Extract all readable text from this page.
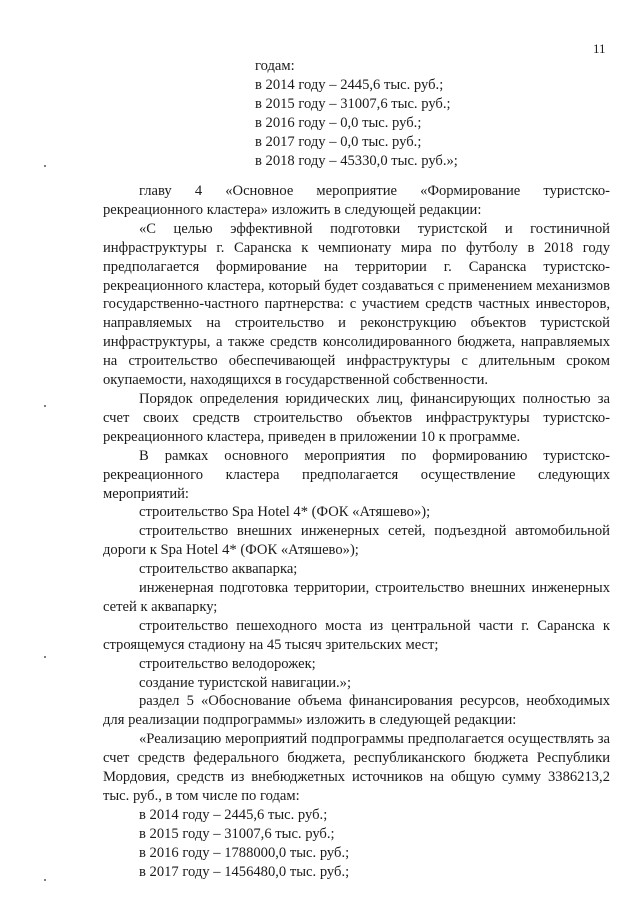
11
годам:
в 2014 году – 2445,6 тыс. руб.;
в 2015 году – 31007,6 тыс. руб.;
в 2016 году – 0,0 тыс. руб.;
в 2017 году – 0,0 тыс. руб.;
в 2018 году – 45330,0 тыс. руб.»;
главу 4 «Основное мероприятие «Формирование туристско-рекреационного кластера» изложить в следующей редакции:
«С целью эффективной подготовки туристской и гостиничной инфраструктуры г. Саранска к чемпионату мира по футболу в 2018 году предполагается формирование на территории г. Саранска туристско-рекреационного кластера, который будет создаваться с применением механизмов государственно-частного партнерства: с участием средств частных инвесторов, направляемых на строительство и реконструкцию объектов туристской инфраструктуры, а также средств консолидированного бюджета, направляемых на строительство обеспечивающей инфраструктуры с длительным сроком окупаемости, находящихся в государственной собственности.
Порядок определения юридических лиц, финансирующих полностью за счет своих средств строительство объектов инфраструктуры туристско-рекреационного кластера, приведен в приложении 10 к программе.
В рамках основного мероприятия по формированию туристско-рекреационного кластера предполагается осуществление следующих мероприятий:
строительство Spa Hotel 4* (ФОК «Атяшево»);
строительство внешних инженерных сетей, подъездной автомобильной дороги к Spa Hotel 4* (ФОК «Атяшево»);
строительство аквапарка;
инженерная подготовка территории, строительство внешних инженерных сетей к аквапарку;
строительство пешеходного моста из центральной части г. Саранска к строящемуся стадиону на 45 тысяч зрительских мест;
строительство велодорожек;
создание туристской навигации.»;
раздел 5 «Обоснование объема финансирования ресурсов, необходимых для реализации подпрограммы» изложить в следующей редакции:
«Реализацию мероприятий подпрограммы предполагается осуществлять за счет средств федерального бюджета, республиканского бюджета Республики Мордовия, средств из внебюджетных источников на общую сумму 3386213,2 тыс. руб., в том числе по годам:
в 2014 году – 2445,6 тыс. руб.;
в 2015 году – 31007,6 тыс. руб.;
в 2016 году – 1788000,0 тыс. руб.;
в 2017 году – 1456480,0 тыс. руб.;
